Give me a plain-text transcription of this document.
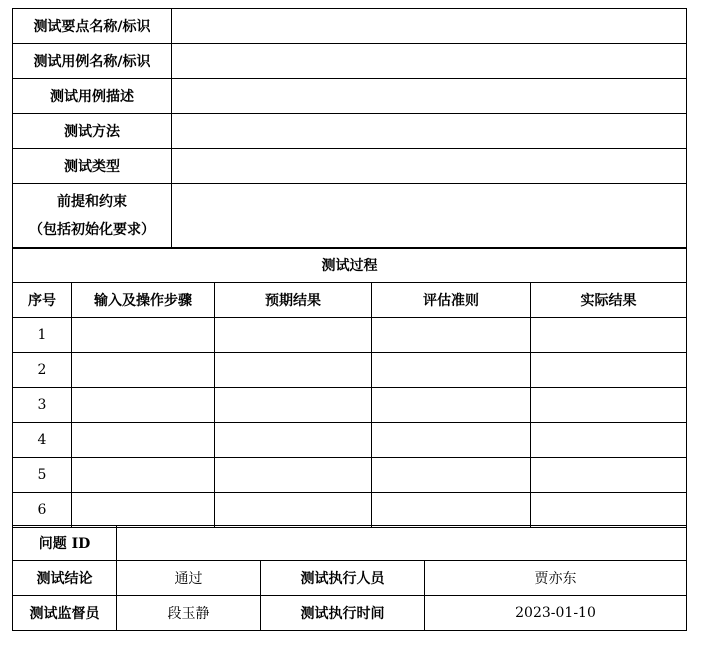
测试要点名称/标识	
测试用例名称/标识	
测试用例描述	
测试方法	
测试类型	

前提和约束
（包括初始化要求）	

测试过程				
序号	输入及操作步骤	预期结果	评估准则	实际结果
1				
2				
3				
4				
5				
6				
问题 ID			
测试结论	通过	测试执行人员	贾亦东
测试监督员	段玉静	测试执行时间	2023-01-10
